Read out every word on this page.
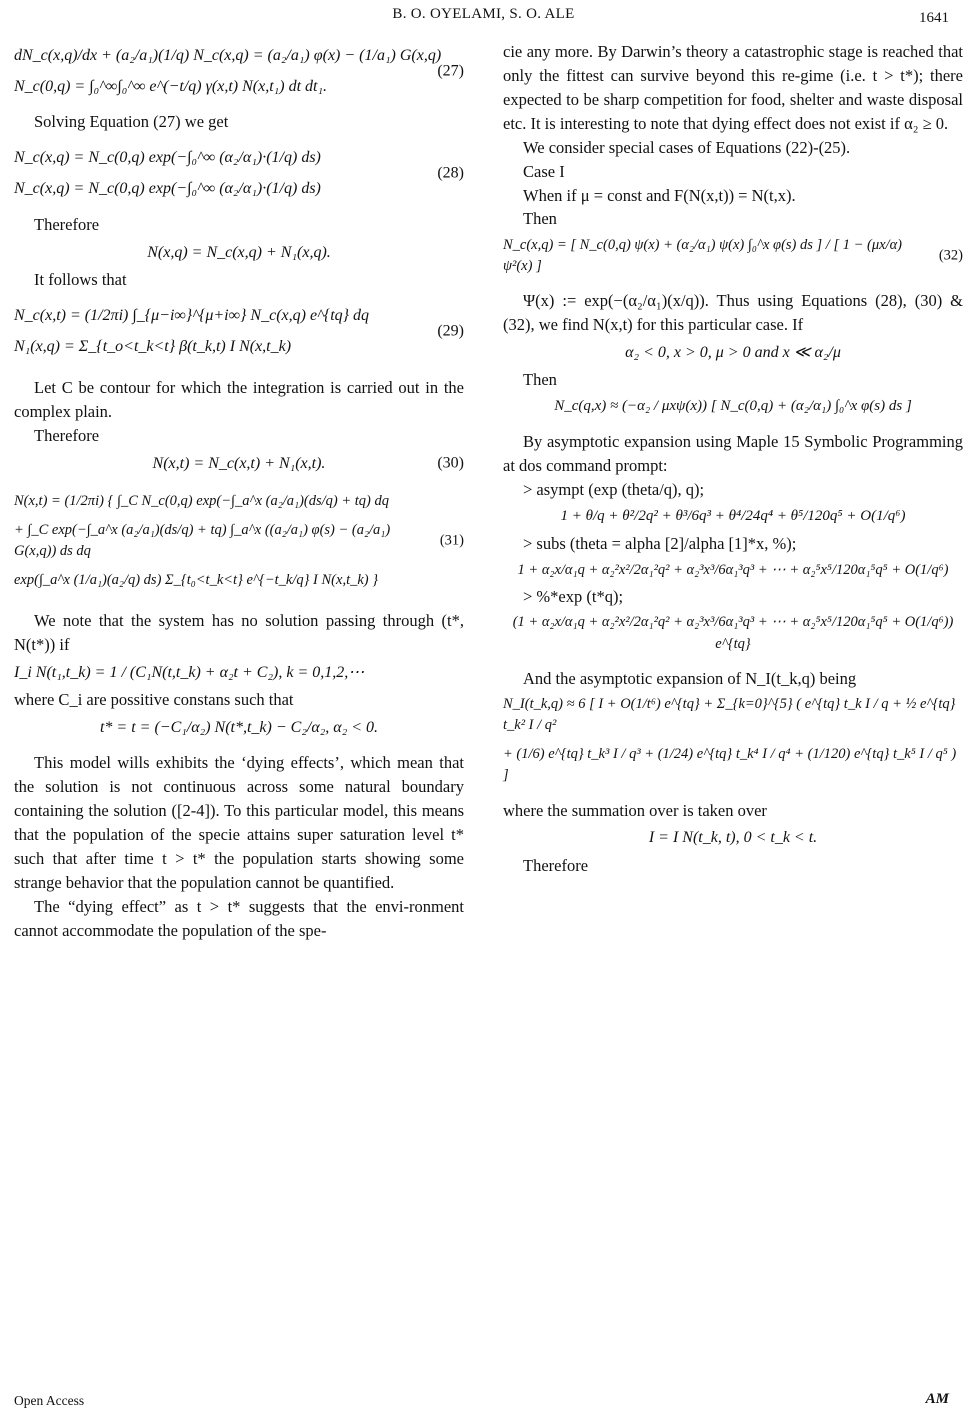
B. O. OYELAMI, S. O. ALE	1641
dN_c(x,q)/dx + (a₂/a₁)(1/q) N_c(x,q) = (a₂/a₁) φ(x) − (1/a₁) G(x,q)
N_c(0,q) = ∫₀^∞∫₀^∞ e^(−t/q) γ(x,t) N(x,t₁) dt dt₁.
(27)

Solving Equation (27) we get

N_c(x,q) = N_c(0,q) exp(−∫₀^∞ (α₂/α₁)·(1/q) ds)
N_c(x,q) = N_c(0,q) exp(−∫₀^∞ (α₂/α₁)·(1/q) ds)
(28)

Therefore

N(x,q) = N_c(x,q) + N₁(x,q).

It follows that

N_c(x,t) = (1/2πi) ∫_{μ−i∞}^{μ+i∞} N_c(x,q) e^{tq} dq
N₁(x,q) = Σ_{t_o<t_k<t} β(t_k,t) I N(x,t_k)
(29)

Let C be contour for which the integration is carried out in the complex plain.

Therefore

N(x,t) = N_c(x,t) + N₁(x,t).	(30)
N(x,t) = (1/2πi) { ∫_C N_c(0,q) exp(−∫_a^x (a₂/a₁)(ds/q) + tq) dq
+ ∫_C exp(−∫_a^x (a₂/a₁)(ds/q) + tq) ∫_a^x ((a₂/a₁) φ(s) − (a₂/a₁) G(x,q)) ds dq
exp(∫_a^x (1/a₁)(a₂/q) ds) Σ_{t₀<t_k<t} e^{−t_k/q} I N(x,t_k) }
(31)

We note that the system has no solution passing through (t*, N(t*)) if

I_i N(t₁,t_k) = 1 / (C₁N(t,t_k) + α₂t + C₂), k = 0,1,2,⋯

where C_i are possitive constans such that

t* = t = (−C₁/α₂) N(t*,t_k) − C₂/α₂, α₂ < 0.

This model wills exhibits the ‘dying effects’, which mean that the solution is not continuous across some natural boundary containing the solution ([2-4]). To this particular model, this means that the population of the specie attains super saturation level t* such that after time t > t* the population starts showing some strange behavior that the population cannot be quantified.

The “dying effect” as t > t* suggests that the envi-ronment cannot accommodate the population of the spe-

cie any more. By Darwin’s theory a catastrophic stage is reached that only the fittest can survive beyond this re-gime (i.e. t > t*); there expected to be sharp competition for food, shelter and waste disposal etc. It is interesting to note that dying effect does not exist if α₂ ≥ 0.

We consider special cases of Equations (22)-(25).

Case I

When if μ = const and F(N(x,t)) = N(t,x).

Then

N_c(x,q) = [ N_c(0,q) ψ(x) + (α₂/α₁) ψ(x) ∫₀^x φ(s) ds ] / [ 1 − (μx/α) ψ²(x) ]
(32)

Ψ(x) := exp(−(α₂/α₁)(x/q)). Thus using Equations (28), (30) & (32), we find N(x,t) for this particular case. If

α₂ < 0, x > 0, μ > 0 and x ≪ α₂/μ

Then

N_c(q,x) ≈ (−α₂ / μxψ(x)) [ N_c(0,q) + (α₂/α₁) ∫₀^x φ(s) ds ]

By asymptotic expansion using Maple 15 Symbolic Programming at dos command prompt:

> asympt (exp (theta/q), q);

1 + θ/q + θ²/2q² + θ³/6q³ + θ⁴/24q⁴ + θ⁵/120q⁵ + O(1/q⁶)

> subs (theta = alpha [2]/alpha [1]*x, %);

1 + α₂x/α₁q + α₂²x²/2α₁²q² + α₂³x³/6α₁³q³ + ⋯ + α₂⁵x⁵/120α₁⁵q⁵ + O(1/q⁶)

> %*exp (t*q);

(1 + α₂x/α₁q + α₂²x²/2α₁²q² + α₂³x³/6α₁³q³ + ⋯ + α₂⁵x⁵/120α₁⁵q⁵ + O(1/q⁶)) e^{tq}

And the asymptotic expansion of N_I(t_k,q) being

N_I(t_k,q) ≈ 6 [ I + O(1/t⁶) e^{tq} + Σ_{k=0}^{5} ( e^{tq} t_k I / q + ½ e^{tq} t_k² I / q²
+ (1/6) e^{tq} t_k³ I / q³ + (1/24) e^{tq} t_k⁴ I / q⁴ + (1/120) e^{tq} t_k⁵ I / q⁵ ) ]

where the summation over is taken over

I = I N(t_k, t), 0 < t_k < t.

Therefore

Open Access	AM
